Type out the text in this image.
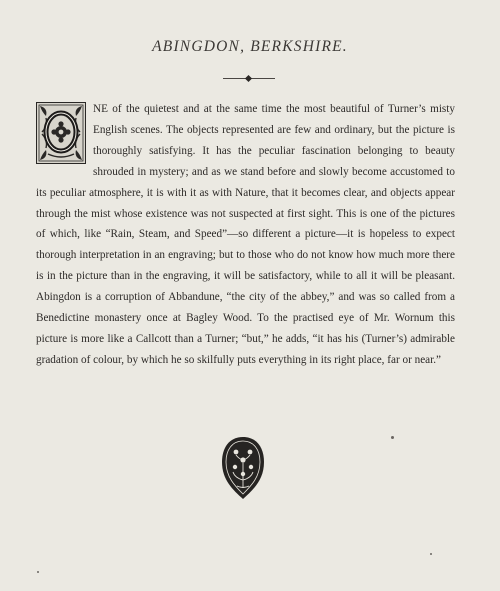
ABINGDON, BERKSHIRE.
NE of the quietest and at the same time the most beautiful of Turner’s misty English scenes. The objects represented are few and ordinary, but the picture is thoroughly satisfying. It has the peculiar fascination belonging to beauty shrouded in mystery; and as we stand before and slowly become accustomed to its peculiar atmosphere, it is with it as with Nature, that it becomes clear, and objects appear through the mist whose existence was not suspected at first sight. This is one of the pictures of which, like “Rain, Steam, and Speed”—so different a picture—it is hopeless to expect thorough interpretation in an engraving; but to those who do not know how much more there is in the picture than in the engraving, it will be satisfactory, while to all it will be pleasant. Abingdon is a corruption of Abbandune, “the city of the abbey,” and was so called from a Benedictine monastery once at Bagley Wood. To the practised eye of Mr. Wornum this picture is more like a Callcott than a Turner; “but,” he adds, “it has his (Turner’s) admirable gradation of colour, by which he so skilfully puts everything in its right place, far or near.”
